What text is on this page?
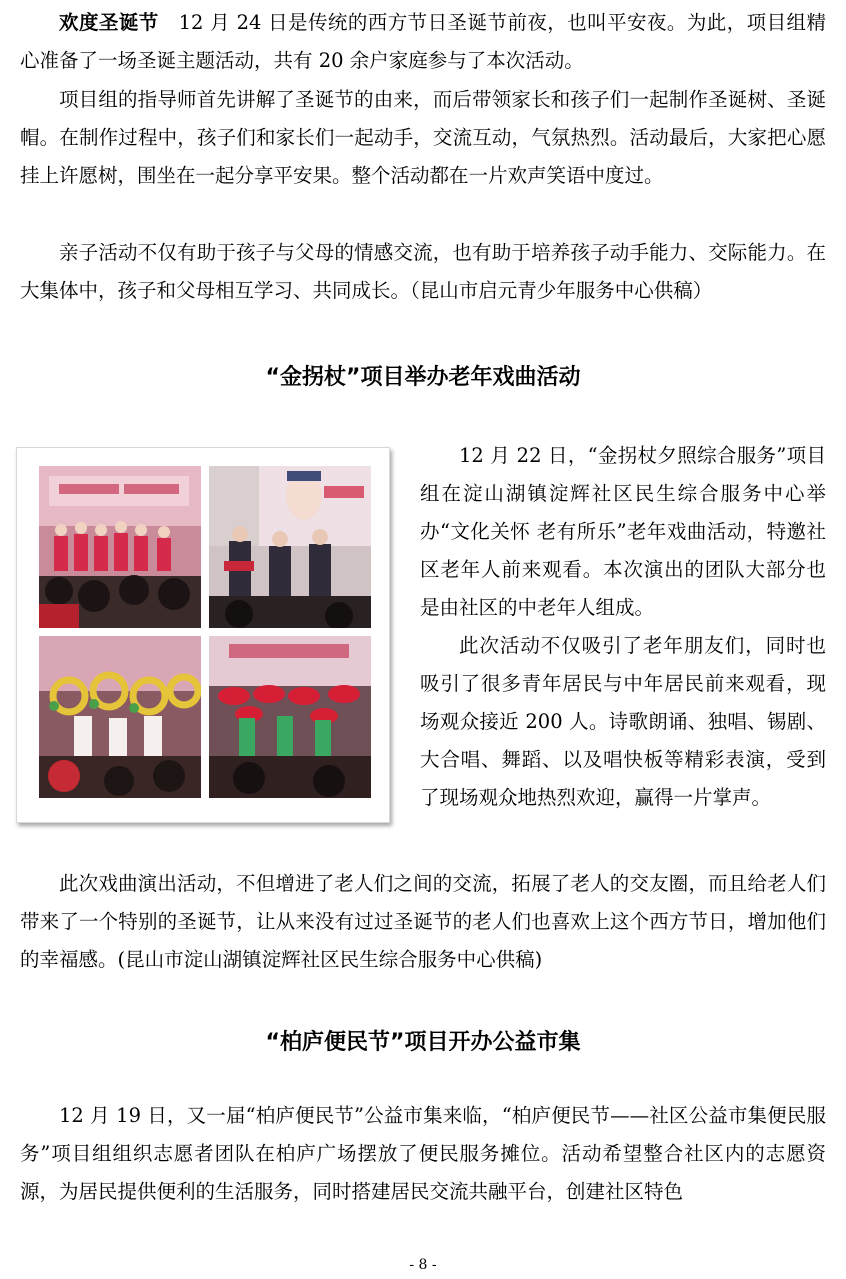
欢度圣诞节 12 月 24 日是传统的西方节日圣诞节前夜，也叫平安夜。为此，项目组精心准备了一场圣诞主题活动，共有 20 余户家庭参与了本次活动。

项目组的指导师首先讲解了圣诞节的由来，而后带领家长和孩子们一起制作圣诞树、圣诞帽。在制作过程中，孩子们和家长们一起动手，交流互动，气氛热烈。活动最后，大家把心愿挂上许愿树，围坐在一起分享平安果。整个活动都在一片欢声笑语中度过。

亲子活动不仅有助于孩子与父母的情感交流，也有助于培养孩子动手能力、交际能力。在大集体中，孩子和父母相互学习、共同成长。（昆山市启元青少年服务中心供稿）

“金拐杖”项目举办老年戏曲活动

12 月 22 日，“金拐杖夕照综合服务”项目组在淀山湖镇淀辉社区民生综合服务中心举办“文化关怀 老有所乐”老年戏曲活动，特邀社区老年人前来观看。本次演出的团队大部分也是由社区的中老年人组成。

此次活动不仅吸引了老年朋友们，同时也吸引了很多青年居民与中年居民前来观看，现场观众接近 200 人。诗歌朗诵、独唱、锡剧、大合唱、舞蹈、以及唱快板等精彩表演，受到了现场观众地热烈欢迎，赢得一片掌声。

此次戏曲演出活动，不但增进了老人们之间的交流，拓展了老人的交友圈，而且给老人们带来了一个特别的圣诞节，让从来没有过过圣诞节的老人们也喜欢上这个西方节日，增加他们的幸福感。(昆山市淀山湖镇淀辉社区民生综合服务中心供稿)

“柏庐便民节”项目开办公益市集

12 月 19 日，又一届“柏庐便民节”公益市集来临，“柏庐便民节——社区公益市集便民服务”项目组组织志愿者团队在柏庐广场摆放了便民服务摊位。活动希望整合社区内的志愿资源，为居民提供便利的生活服务，同时搭建居民交流共融平台，创建社区特色

- 8 -
